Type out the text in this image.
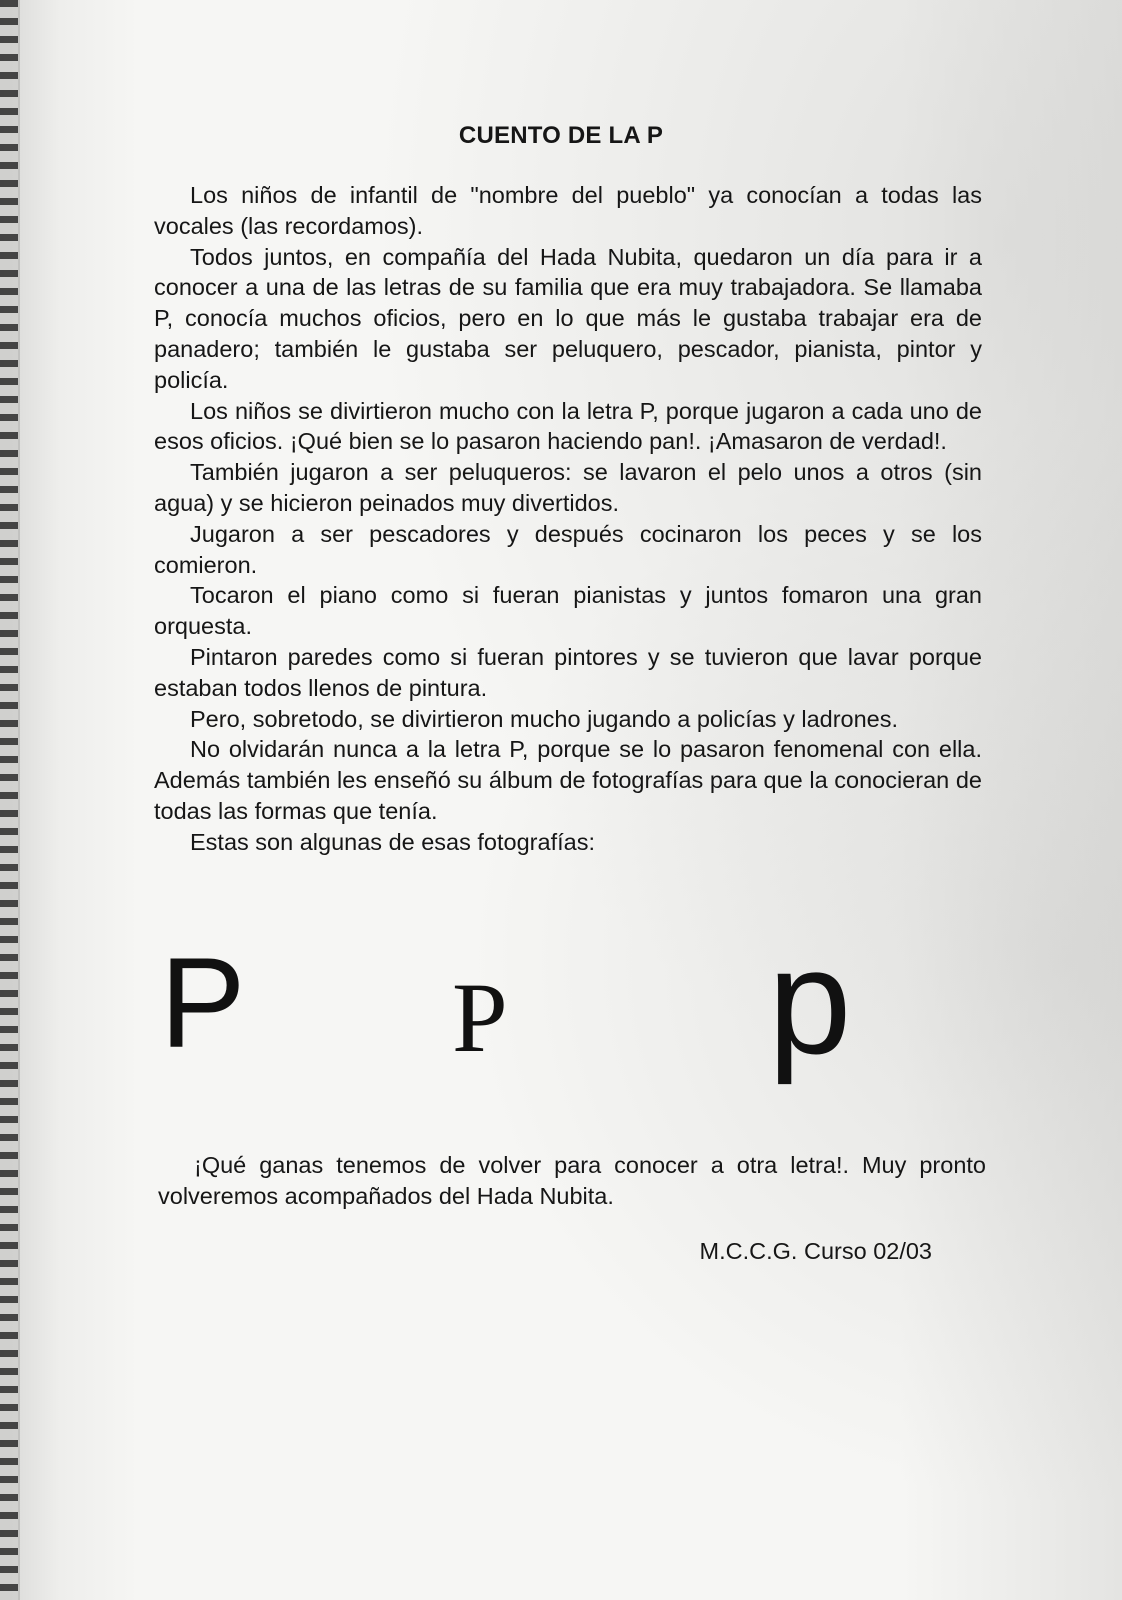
CUENTO DE LA P

Los niños de infantil de "nombre del pueblo" ya conocían a todas las vocales (las recordamos).

Todos juntos, en compañía del Hada Nubita, quedaron un día para ir a conocer a una de las letras de su familia que era muy trabajadora. Se llamaba P, conocía muchos oficios, pero en lo que más le gustaba trabajar era de panadero; también le gustaba ser peluquero, pescador, pianista, pintor y policía.

Los niños se divirtieron mucho con la letra P, porque jugaron a cada uno de esos oficios. ¡Qué bien se lo pasaron haciendo pan!. ¡Amasaron de verdad!.

También jugaron a ser peluqueros: se lavaron el pelo unos a otros (sin agua) y se hicieron peinados muy divertidos.

Jugaron a ser pescadores y después cocinaron los peces y se los comieron.

Tocaron el piano como si fueran pianistas y juntos fomaron una gran orquesta.

Pintaron paredes como si fueran pintores y se tuvieron que lavar porque estaban todos llenos de pintura.

Pero, sobretodo, se divirtieron mucho jugando a policías y ladrones.

No olvidarán nunca a la letra P, porque se lo pasaron fenomenal con ella. Además también les enseñó su álbum de fotografías para que la conocieran de todas las formas que tenía.

Estas son algunas de esas fotografías:

P P p

¡Qué ganas tenemos de volver para conocer a otra letra!. Muy pronto volveremos acompañados del Hada Nubita.

M.C.C.G. Curso 02/03
